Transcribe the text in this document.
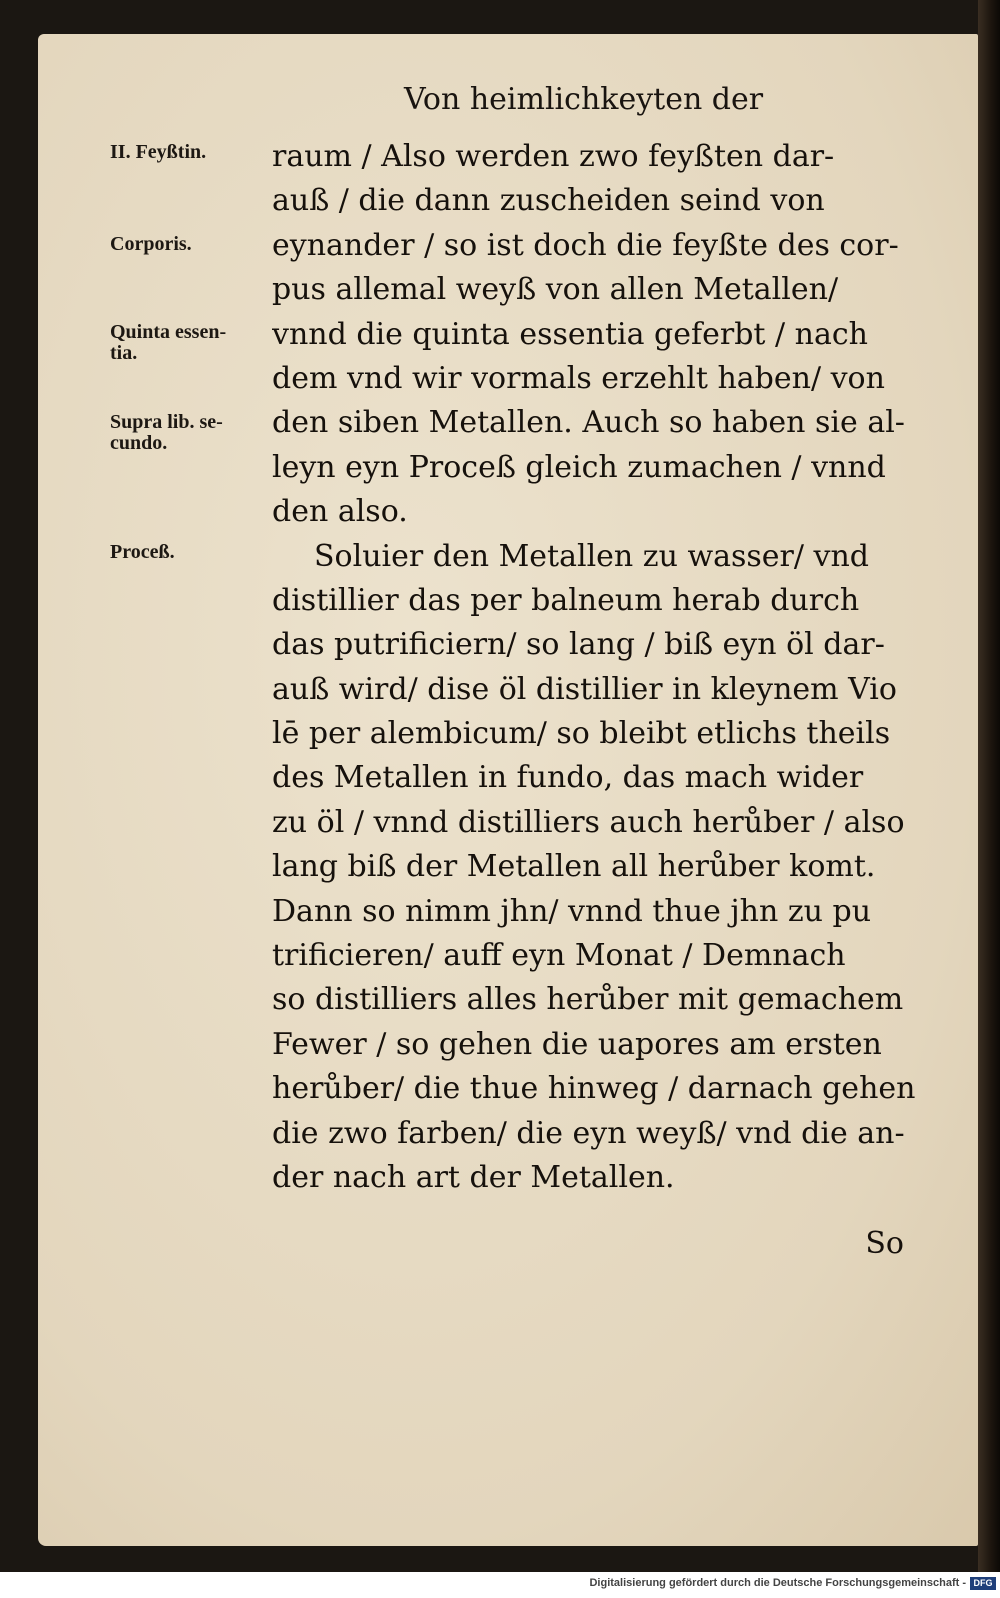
Von heimlichkeyten der

II. Feyßtin.

Corporis.

Quinta essen-tia.

Supra lib. se-cundo.

Proceß.

raum / Also werden zwo feyßten dar-
auß / die dann zuscheiden seind von
eynander / so ist doch die feyßte des cor-
pus allemal weyß von allen Metallen/
vnnd die quinta essentia geferbt / nach
dem vnd wir vormals erzehlt haben/ von
den siben Metallen. Auch so haben sie al-
leyn eyn Proceß gleich zumachen / vnnd
den also.
Soluier den Metallen zu wasser/ vnd
distillier das per balneum herab durch
das putrificiern/ so lang / biß eyn öl dar-
auß wird/ dise öl distillier in kleynem Vio
lē per alembicum/ so bleibt etlichs theils
des Metallen in fundo, das mach wider
zu öl / vnnd distilliers auch herůber / also
lang biß der Metallen all herůber komt.
Dann so nimm jhn/ vnnd thue jhn zu pu
trificieren/ auff eyn Monat / Demnach
so distilliers alles herůber mit gemachem
Fewer / so gehen die uapores am ersten
herůber/ die thue hinweg / darnach gehen
die zwo farben/ die eyn weyß/ vnd die an-
der nach art der Metallen.

So

Digitalisierung gefördert durch die Deutsche Forschungsgemeinschaft - DFG
